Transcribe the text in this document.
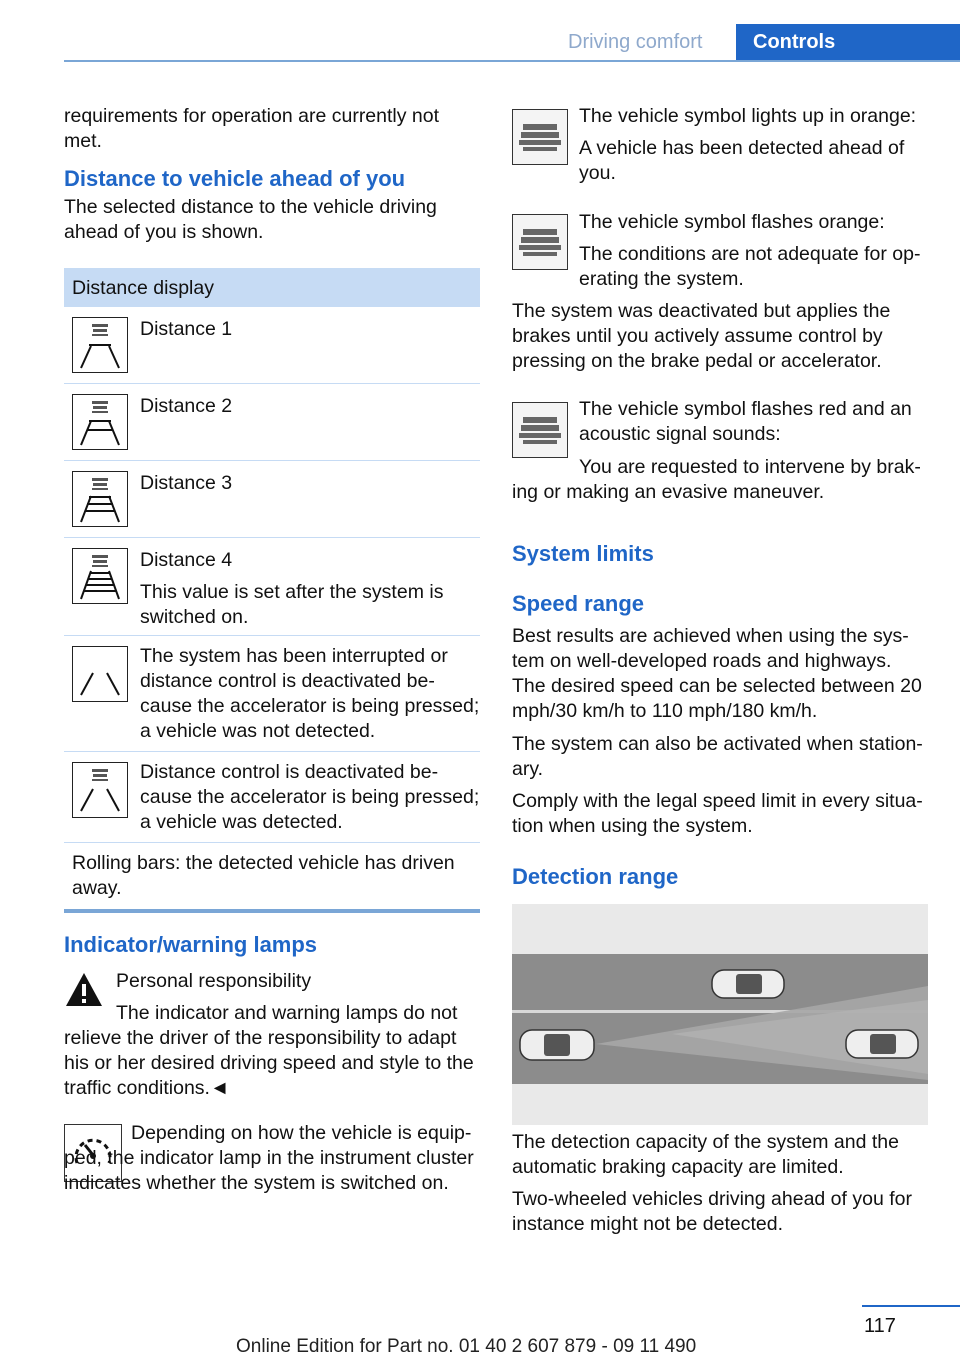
Driving comfort	Controls

requirements for operation are currently not met.

Distance to vehicle ahead of you

The selected distance to the vehicle driving ahead of you is shown.

Distance display

Distance 1

Distance 2

Distance 3

Distance 4

This value is set after the system is switched on.

The system has been interrupted or distance control is deactivated be-cause the accelerator is being pressed; a vehicle was not detected.

Distance control is deactivated be-cause the accelerator is being pressed; a vehicle was detected.

Rolling bars: the detected vehicle has driven away.

Indicator/warning lamps

Personal responsibility

The indicator and warning lamps do not relieve the driver of the responsibility to adapt his or her desired driving speed and style to the traffic conditions.◄

Depending on how the vehicle is equip-ped, the indicator lamp in the instrument cluster indicates whether the system is switched on.

The vehicle symbol lights up in orange:

A vehicle has been detected ahead of you.

The vehicle symbol flashes orange:

The conditions are not adequate for op-erating the system.

The system was deactivated but applies the brakes until you actively assume control by pressing on the brake pedal or accelerator.

The vehicle symbol flashes red and an acoustic signal sounds:

You are requested to intervene by brak-ing or making an evasive maneuver.

System limits
Speed range

Best results are achieved when using the sys-tem on well-developed roads and highways. The desired speed can be selected between 20 mph/30 km/h to 110 mph/180 km/h.

The system can also be activated when station-ary.

Comply with the legal speed limit in every situa-tion when using the system.

Detection range

The detection capacity of the system and the automatic braking capacity are limited.

Two-wheeled vehicles driving ahead of you for instance might not be detected.

117
Online Edition for Part no. 01 40 2 607 879 - 09 11 490
